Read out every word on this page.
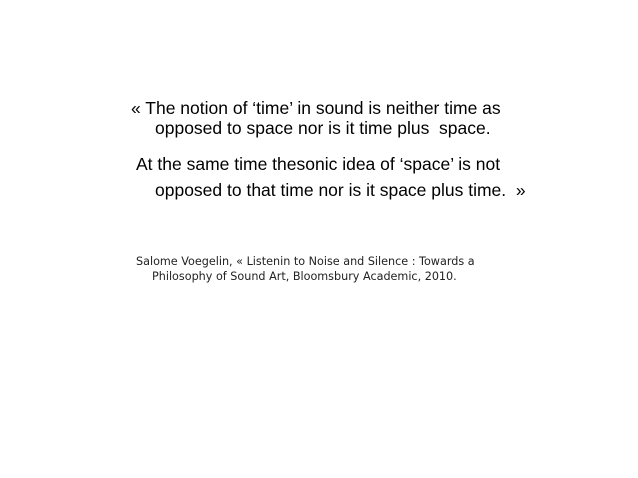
« The notion of ‘time’ in sound is neither time as

opposed to space nor is it time plus  space.

At the same time thesonic idea of ‘space’ is not

opposed to that time nor is it space plus time.  »

Salome Voegelin, « Listenin to Noise and Silence : Towards a

Philosophy of Sound Art, Bloomsbury Academic, 2010.
